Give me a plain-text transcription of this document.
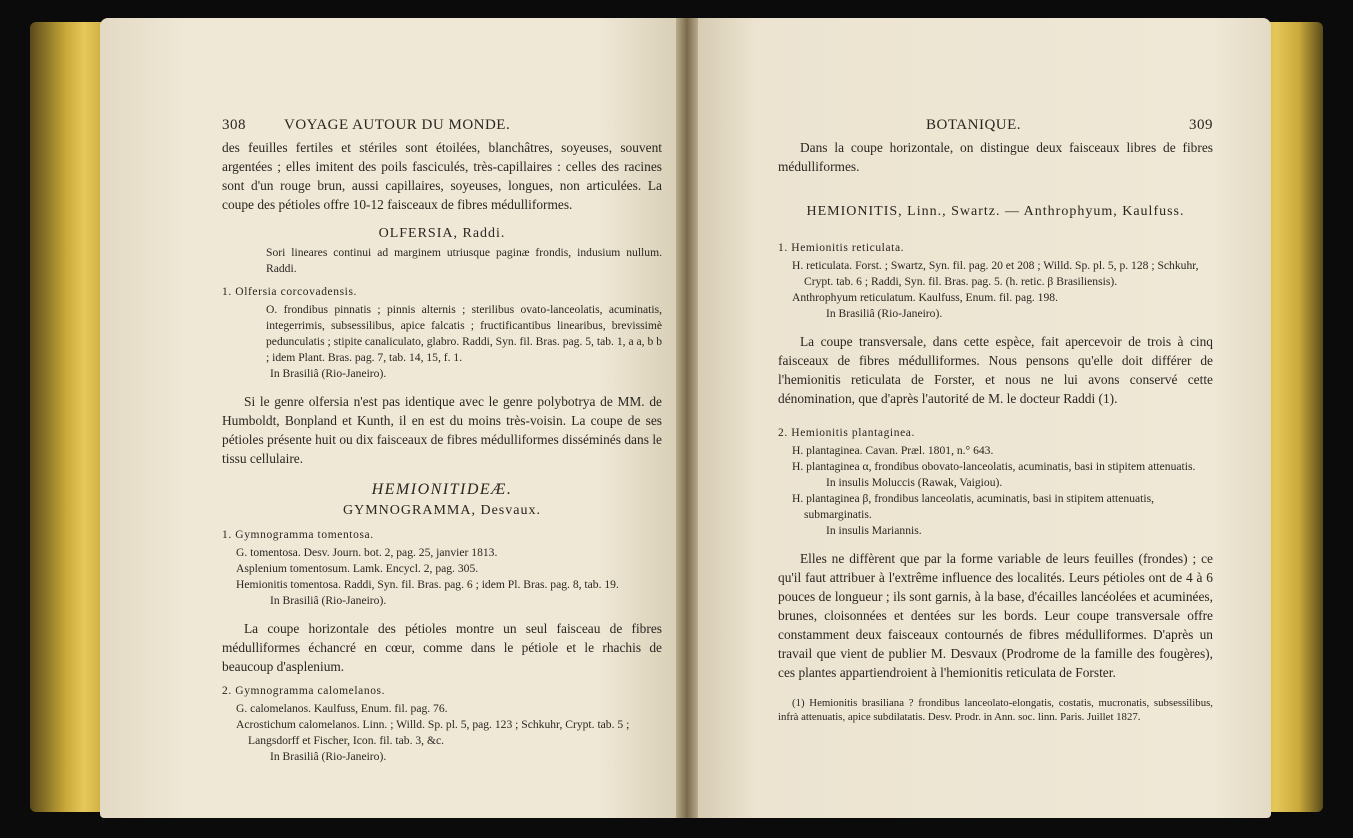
308	VOYAGE AUTOUR DU MONDE.

des feuilles fertiles et stériles sont étoilées, blanchâtres, soyeuses, souvent argentées ; elles imitent des poils fasciculés, très-capillaires : celles des racines sont d'un rouge brun, aussi capillaires, soyeuses, longues, non articulées. La coupe des pétioles offre 10-12 faisceaux de fibres médulliformes.

OLFERSIA, Raddi.

Sori lineares continui ad marginem utriusque paginæ frondis, indusium nullum. Raddi.

1. Olfersia corcovadensis.

O. frondibus pinnatis ; pinnis alternis ; sterilibus ovato-lanceolatis, acuminatis, integerrimis, subsessilibus, apice falcatis ; fructificantibus linearibus, brevissimè pedunculatis ; stipite canaliculato, glabro. Raddi, Syn. fil. Bras. pag. 5, tab. 1, a a, b b ; idem Plant. Bras. pag. 7, tab. 14, 15, f. 1.

In Brasiliâ (Rio-Janeiro).

Si le genre olfersia n'est pas identique avec le genre polybotrya de MM. de Humboldt, Bonpland et Kunth, il en est du moins très-voisin. La coupe de ses pétioles présente huit ou dix faisceaux de fibres médulliformes disséminés dans le tissu cellulaire.

HEMIONITIDEÆ.
GYMNOGRAMMA, Desvaux.
1. Gymnogramma tomentosa.
G. tomentosa. Desv. Journ. bot. 2, pag. 25, janvier 1813.
Asplenium tomentosum. Lamk. Encycl. 2, pag. 305.
Hemionitis tomentosa. Raddi, Syn. fil. Bras. pag. 6 ; idem Pl. Bras. pag. 8, tab. 19.
In Brasiliâ (Rio-Janeiro).

La coupe horizontale des pétioles montre un seul faisceau de fibres médulliformes échancré en cœur, comme dans le pétiole et le rhachis de beaucoup d'asplenium.

2. Gymnogramma calomelanos.
G. calomelanos. Kaulfuss, Enum. fil. pag. 76.
Acrostichum calomelanos. Linn. ; Willd. Sp. pl. 5, pag. 123 ; Schkuhr, Crypt. tab. 5 ; Langsdorff et Fischer, Icon. fil. tab. 3, &c.
In Brasiliâ (Rio-Janeiro).
BOTANIQUE.	309

Dans la coupe horizontale, on distingue deux faisceaux libres de fibres médulliformes.

HEMIONITIS, Linn., Swartz. — Anthrophyum, Kaulfuss.
1. Hemionitis reticulata.
H. reticulata. Forst. ; Swartz, Syn. fil. pag. 20 et 208 ; Willd. Sp. pl. 5, p. 128 ; Schkuhr, Crypt. tab. 6 ; Raddi, Syn. fil. Bras. pag. 5. (h. retic. β Brasiliensis).
Anthrophyum reticulatum. Kaulfuss, Enum. fil. pag. 198.
In Brasiliâ (Rio-Janeiro).

La coupe transversale, dans cette espèce, fait apercevoir de trois à cinq faisceaux de fibres médulliformes. Nous pensons qu'elle doit différer de l'hemionitis reticulata de Forster, et nous ne lui avons conservé cette dénomination, que d'après l'autorité de M. le docteur Raddi (1).

2. Hemionitis plantaginea.
H. plantaginea. Cavan. Præl. 1801, n.° 643.
H. plantaginea α, frondibus obovato-lanceolatis, acuminatis, basi in stipitem attenuatis.
In insulis Moluccis (Rawak, Vaigiou).
H. plantaginea β, frondibus lanceolatis, acuminatis, basi in stipitem attenuatis, submarginatis.
In insulis Mariannis.

Elles ne diffèrent que par la forme variable de leurs feuilles (frondes) ; ce qu'il faut attribuer à l'extrême influence des localités. Leurs pétioles ont de 4 à 6 pouces de longueur ; ils sont garnis, à la base, d'écailles lancéolées et acuminées, brunes, cloisonnées et dentées sur les bords. Leur coupe transversale offre constamment deux faisceaux contournés de fibres médulliformes. D'après un travail que vient de publier M. Desvaux (Prodrome de la famille des fougères), ces plantes appartiendroient à l'hemionitis reticulata de Forster.

(1) Hemionitis brasiliana ? frondibus lanceolato-elongatis, costatis, mucronatis, subsessilibus, infrà attenuatis, apice subdilatatis. Desv. Prodr. in Ann. soc. linn. Paris. Juillet 1827.
